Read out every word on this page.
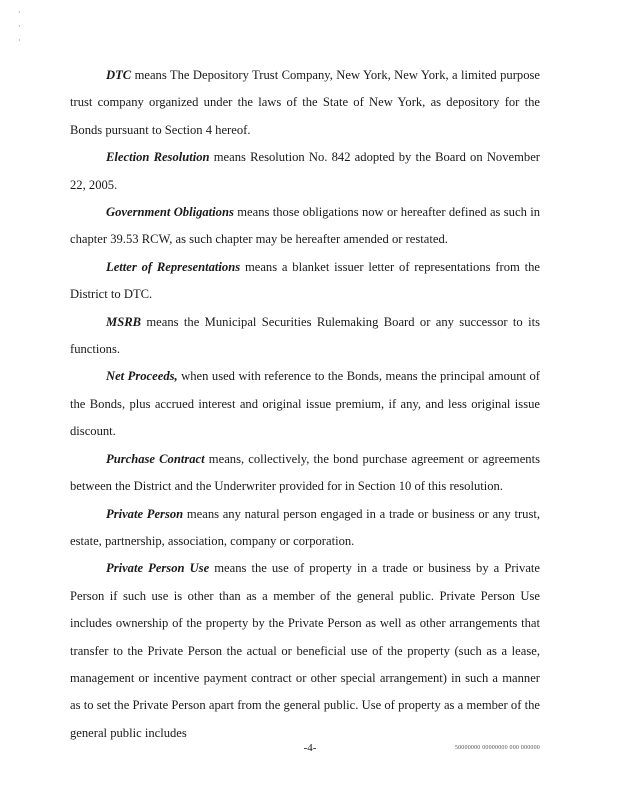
·
·
·

DTC means The Depository Trust Company, New York, New York, a limited purpose trust company organized under the laws of the State of New York, as depository for the Bonds pursuant to Section 4 hereof.

Election Resolution means Resolution No. 842 adopted by the Board on November 22, 2005.

Government Obligations means those obligations now or hereafter defined as such in chapter 39.53 RCW, as such chapter may be hereafter amended or restated.

Letter of Representations means a blanket issuer letter of representations from the District to DTC.

MSRB means the Municipal Securities Rulemaking Board or any successor to its functions.

Net Proceeds, when used with reference to the Bonds, means the principal amount of the Bonds, plus accrued interest and original issue premium, if any, and less original issue discount.

Purchase Contract means, collectively, the bond purchase agreement or agreements between the District and the Underwriter provided for in Section 10 of this resolution.

Private Person means any natural person engaged in a trade or business or any trust, estate, partnership, association, company or corporation.

Private Person Use means the use of property in a trade or business by a Private Person if such use is other than as a member of the general public. Private Person Use includes ownership of the property by the Private Person as well as other arrangements that transfer to the Private Person the actual or beneficial use of the property (such as a lease, management or incentive payment contract or other special arrangement) in such a manner as to set the Private Person apart from the general public. Use of property as a member of the general public includes

-4-	50000000 00000000 000 000000
